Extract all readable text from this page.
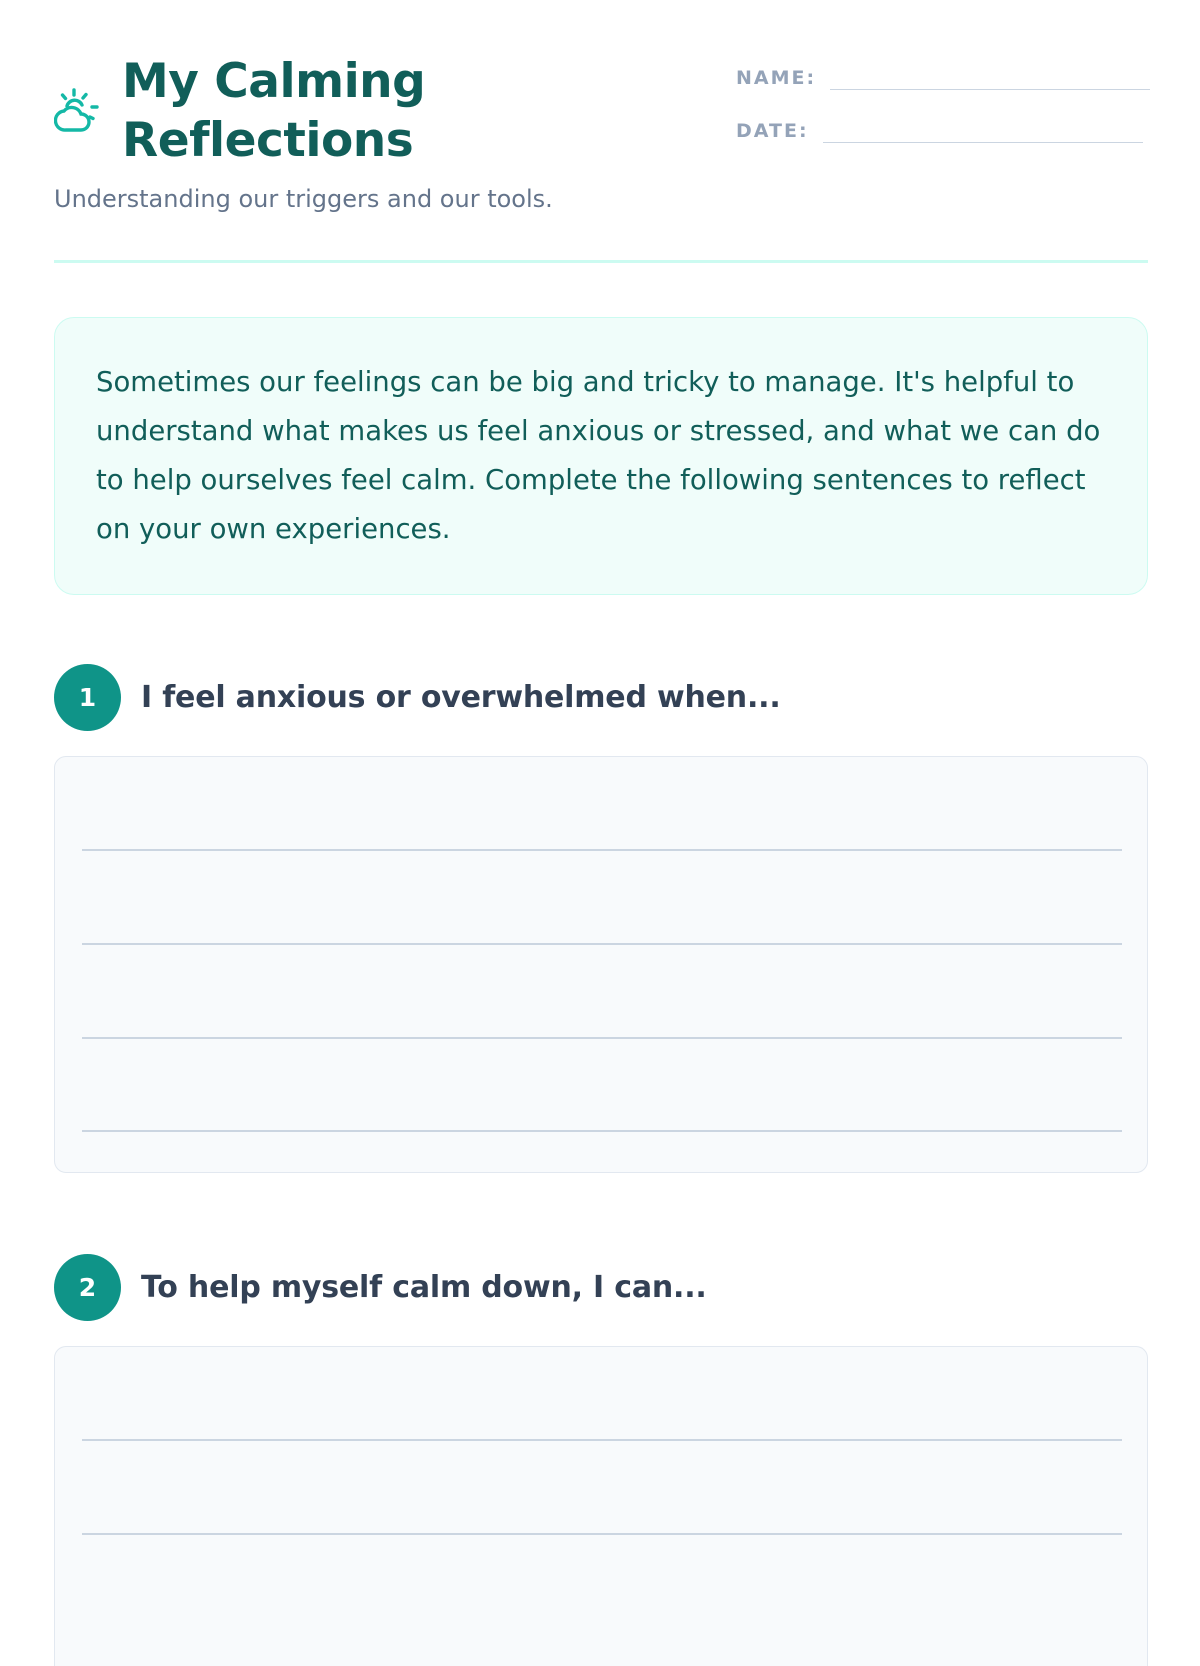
My Calming Reflections

Understanding our triggers and our tools.

NAME:
DATE:

Sometimes our feelings can be big and tricky to manage. It's helpful to understand what makes us feel anxious or stressed, and what we can do to help ourselves feel calm. Complete the following sentences to reflect on your own experiences.

1	I feel anxious or overwhelmed when...
2	To help myself calm down, I can...
